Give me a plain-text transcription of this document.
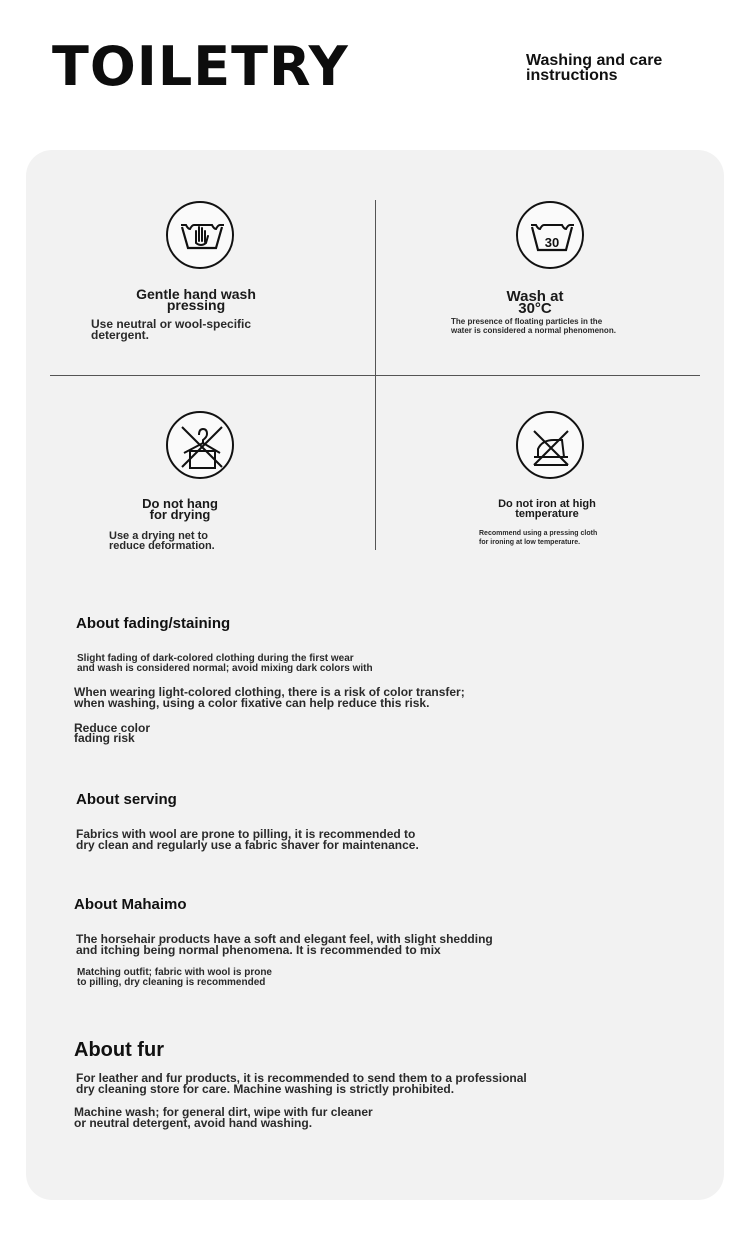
TOILETRY	Washing and care
instructions
Gentle hand wash
pressing
Use neutral or wool-specific
detergent.
30
Wash at
30°C
The presence of floating particles in the
water is considered a normal phenomenon.
Do not hang
for drying
Use a drying net to
reduce deformation.
Do not iron at high
temperature
Recommend using a pressing cloth
for ironing at low temperature.
About fading/staining
Slight fading of dark-colored clothing during the first wear
and wash is considered normal; avoid mixing dark colors with
When wearing light-colored clothing, there is a risk of color transfer;
when washing, using a color fixative can help reduce this risk.
Reduce color
fading risk
About serving
Fabrics with wool are prone to pilling, it is recommended to
dry clean and regularly use a fabric shaver for maintenance.
About Mahaimo
The horsehair products have a soft and elegant feel, with slight shedding
and itching being normal phenomena. It is recommended to mix
Matching outfit; fabric with wool is prone
to pilling, dry cleaning is recommended
About fur
For leather and fur products, it is recommended to send them to a professional
dry cleaning store for care. Machine washing is strictly prohibited.
Machine wash; for general dirt, wipe with fur cleaner
or neutral detergent, avoid hand washing.
